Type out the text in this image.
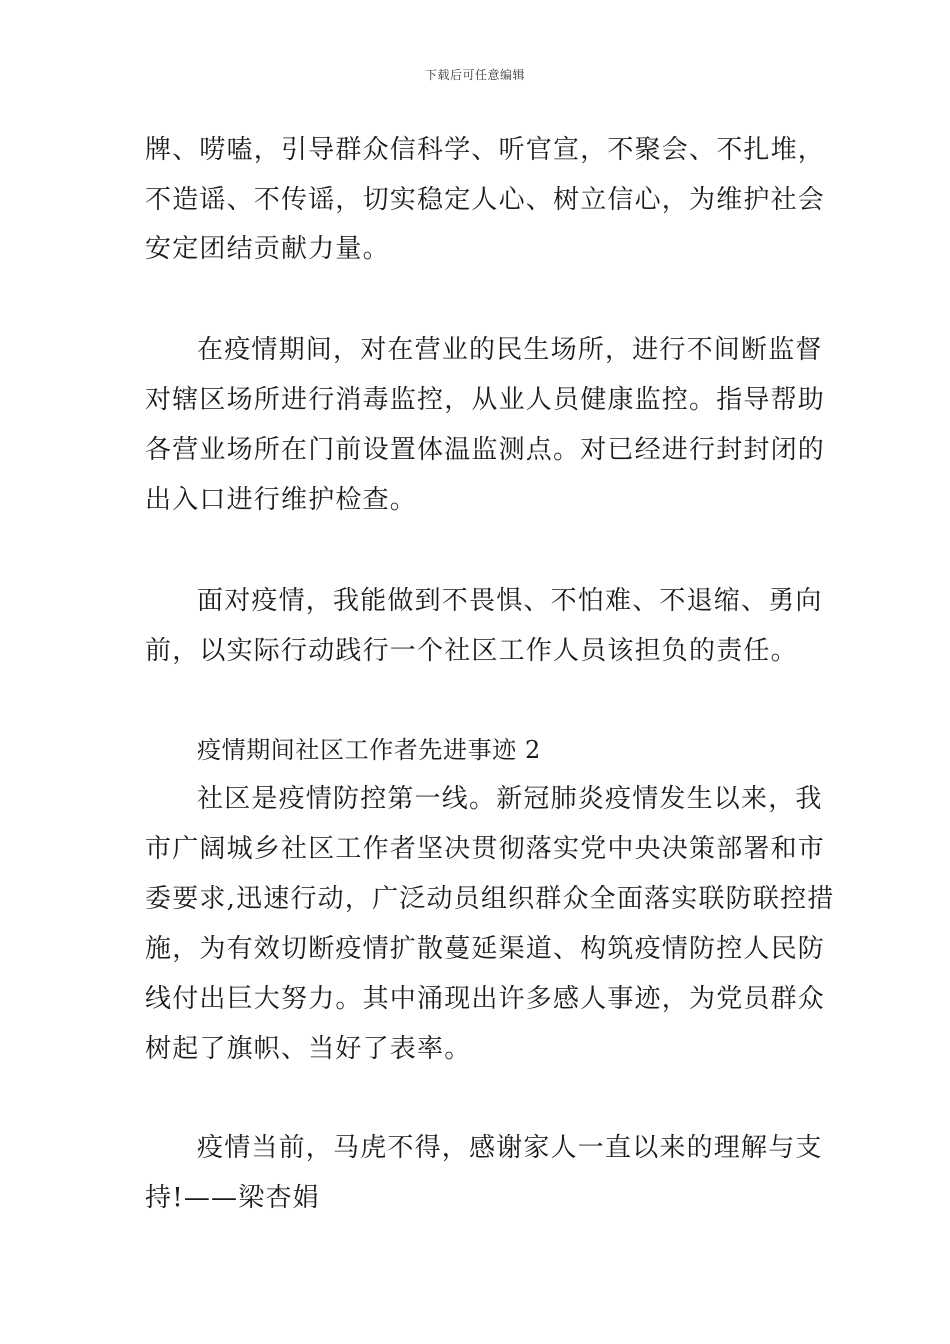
下载后可任意编辑
牌、唠嗑，引导群众信科学、听官宣，不聚会、不扎堆，
不造谣、不传谣，切实稳定人心、树立信心，为维护社会
安定团结贡献力量。
在疫情期间，对在营业的民生场所，进行不间断监督
对辖区场所进行消毒监控，从业人员健康监控。指导帮助
各营业场所在门前设置体温监测点。对已经进行封封闭的
出入口进行维护检查。
面对疫情，我能做到不畏惧、不怕难、不退缩、勇向
前，以实际行动践行一个社区工作人员该担负的责任。
疫情期间社区工作者先进事迹 2
社区是疫情防控第一线。新冠肺炎疫情发生以来，我
市广阔城乡社区工作者坚决贯彻落实党中央决策部署和市
委要求,迅速行动，广泛动员组织群众全面落实联防联控措
施，为有效切断疫情扩散蔓延渠道、构筑疫情防控人民防
线付出巨大努力。其中涌现出许多感人事迹，为党员群众
树起了旗帜、当好了表率。
疫情当前，马虎不得，感谢家人一直以来的理解与支
持!——梁杏娟
